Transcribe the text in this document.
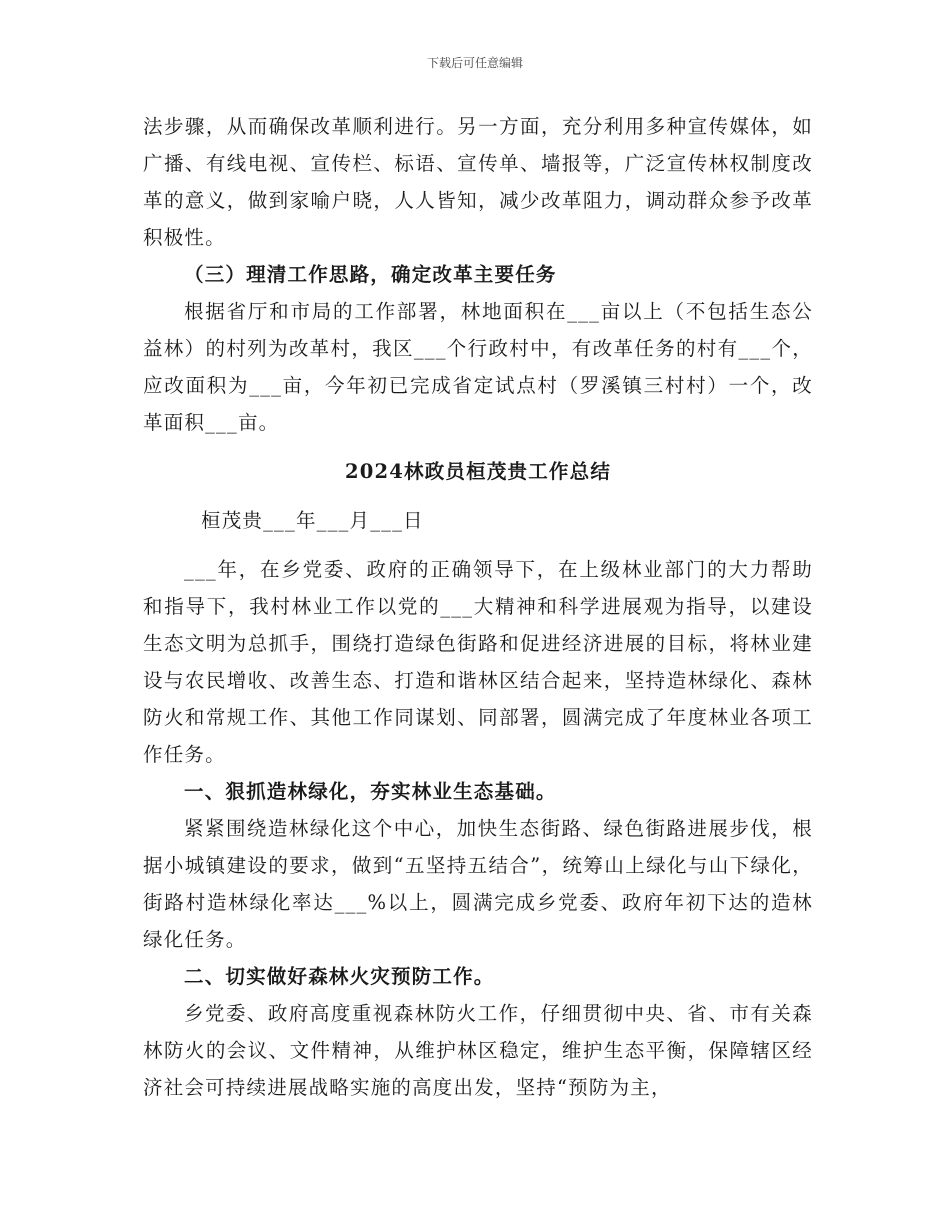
下载后可任意编辑

法步骤，从而确保改革顺利进行。另一方面，充分利用多种宣传媒体，如广播、有线电视、宣传栏、标语、宣传单、墙报等，广泛宣传林权制度改革的意义，做到家喻户晓，人人皆知，减少改革阻力，调动群众参予改革积极性。

（三）理清工作思路，确定改革主要任务

根据省厅和市局的工作部署，林地面积在___亩以上（不包括生态公益林）的村列为改革村，我区___个行政村中，有改革任务的村有___个，应改面积为___亩，今年初已完成省定试点村（罗溪镇三村村）一个，改革面积___亩。

2024林政员桓茂贵工作总结

桓茂贵___年___月___日

___年，在乡党委、政府的正确领导下，在上级林业部门的大力帮助和指导下，我村林业工作以党的___大精神和科学进展观为指导，以建设生态文明为总抓手，围绕打造绿色街路和促进经济进展的目标，将林业建设与农民增收、改善生态、打造和谐林区结合起来，坚持造林绿化、森林防火和常规工作、其他工作同谋划、同部署，圆满完成了年度林业各项工作任务。

一、狠抓造林绿化，夯实林业生态基础。

紧紧围绕造林绿化这个中心，加快生态街路、绿色街路进展步伐，根据小城镇建设的要求，做到“五坚持五结合”，统筹山上绿化与山下绿化，街路村造林绿化率达___%以上，圆满完成乡党委、政府年初下达的造林绿化任务。

二、切实做好森林火灾预防工作。

乡党委、政府高度重视森林防火工作，仔细贯彻中央、省、市有关森林防火的会议、文件精神，从维护林区稳定，维护生态平衡，保障辖区经济社会可持续进展战略实施的高度出发，坚持“预防为主，
